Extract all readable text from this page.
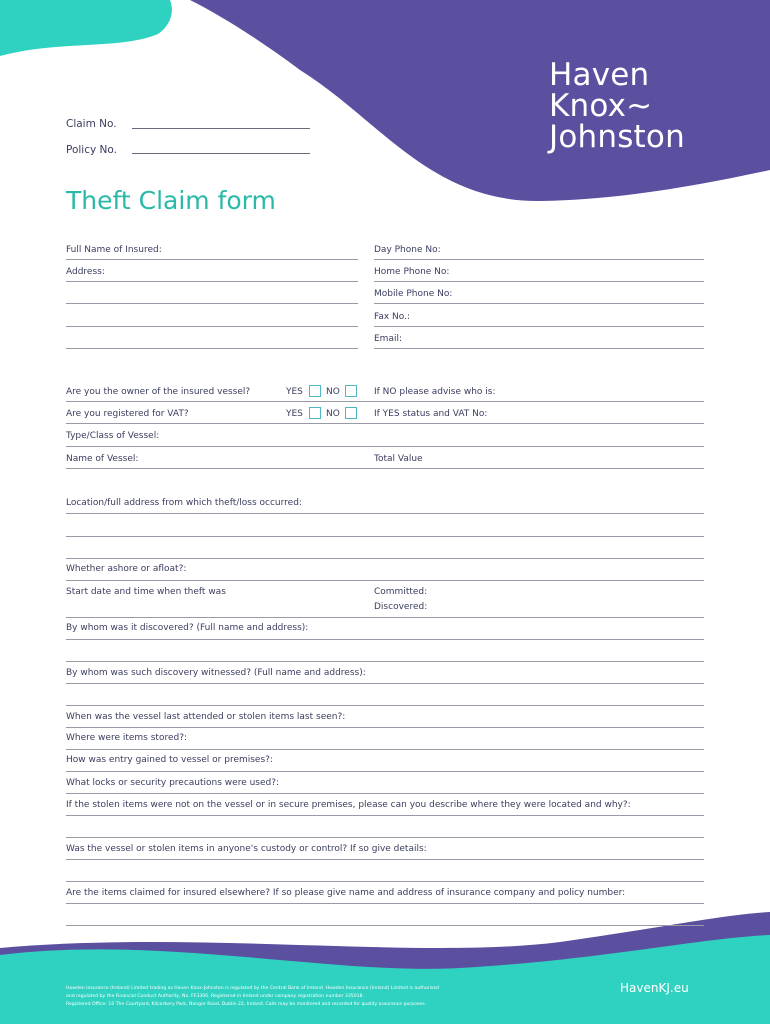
Haven
Knox~
Johnston
Claim No.
Policy No.
Theft Claim form
Full Name of Insured:	Day Phone No:
Address:	Home Phone No:
Mobile Phone No:
Fax No.:
Email:
Are you the owner of the insured vessel?	YES	NO	If NO please advise who is:
Are you registered for VAT?	YES	NO	If YES status and VAT No:
Type/Class of Vessel:
Name of Vessel:	Total Value
Location/full address from which theft/loss occurred:
Whether ashore or afloat?:
Start date and time when theft was	Committed:
Discovered:
By whom was it discovered? (Full name and address):
By whom was such discovery witnessed? (Full name and address):
When was the vessel last attended or stolen items last seen?:
Where were items stored?:
How was entry gained to vessel or premises?:
What locks or security precautions were used?:
If the stolen items were not on the vessel or in secure premises, please can you describe where they were located and why?:
Was the vessel or stolen items in anyone's custody or control? If so give details:
Are the items claimed for insured elsewhere? If so please give name and address of insurance company and policy number:
Howden Insurance (Ireland) Limited trading as Haven Knox-Johnston is regulated by the Central Bank of Ireland. Howden Insurance (Ireland) Limited is authorised
and regulated by the Financial Conduct Authority, No. FF3306. Registered in Ireland under company registration number 335018.
Registered Office: 10 The Courtyard, Kilcarbery Park, Nangor Road, Dublin 22, Ireland. Calls may be monitored and recorded for quality assurance purposes.
HavenKJ.eu
